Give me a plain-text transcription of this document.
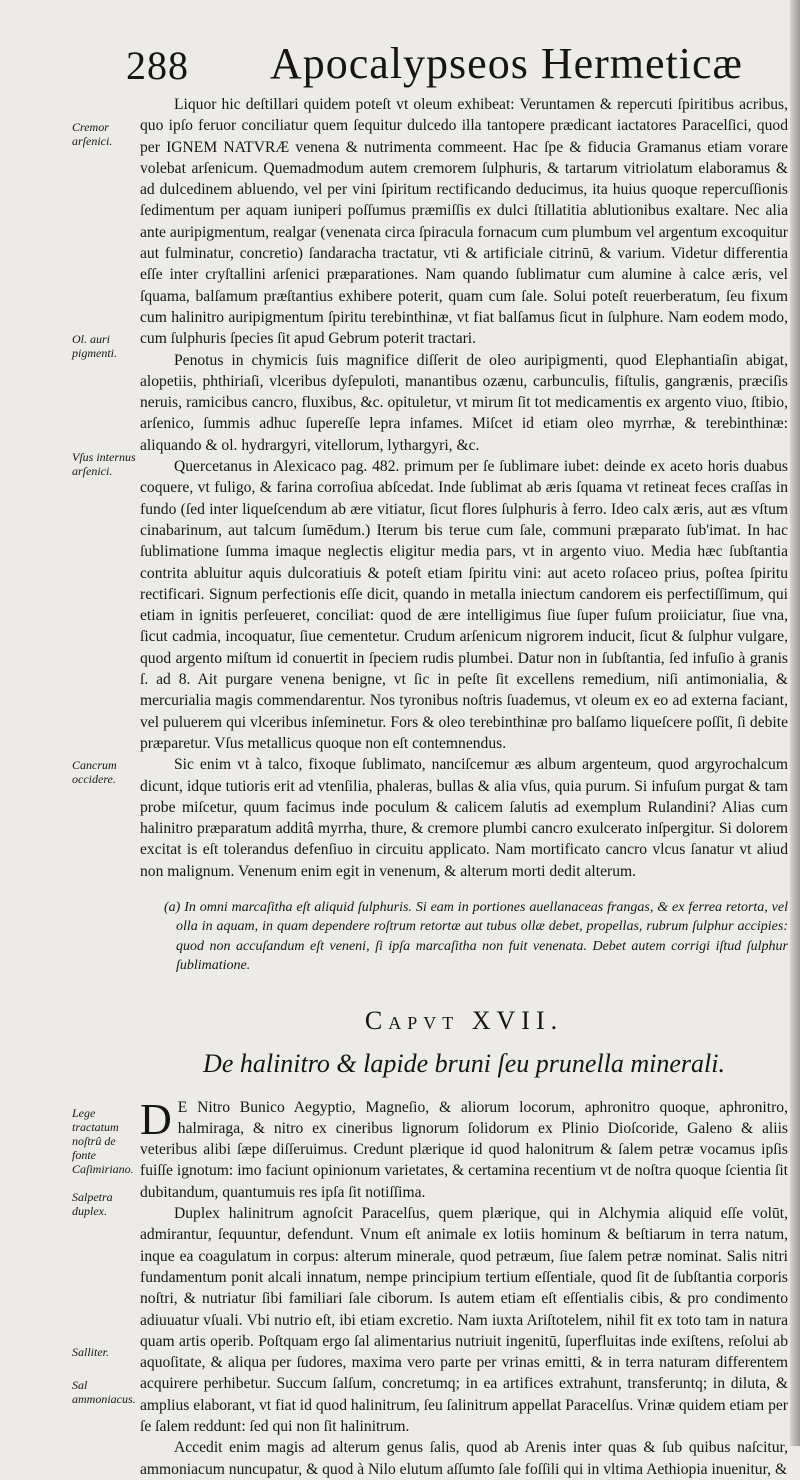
288 Apocalypseos Hermeticæ
Cremor arſenici.
Ol. auri pigmenti.
Vſus internus arſenici.
Cancrum occidere.
Lege tractatum noſtrû de fonte Caſimiriano.
Salpetra duplex.
Salliter.
Sal ammoniacus.

Liquor hic deſtillari quidem poteſt vt oleum exhibeat: Veruntamen & repercuti ſpiritibus acribus, quo ipſo feruor conciliatur quem ſequitur dulcedo illa tantopere prædicant iactatores Paracelſici, quod per IGNEM NATVRÆ venena & nutrimenta commeent. Hac ſpe & fiducia Gramanus etiam vorare volebat arſenicum. Quemadmodum autem cremorem ſulphuris, & tartarum vitriolatum elaboramus & ad dulcedinem abluendo, vel per vini ſpiritum rectificando deducimus, ita huius quoque repercuſſionis ſedimentum per aquam iuniperi poſſumus præmiſſis ex dulci ſtillatitia ablutionibus exaltare. Nec alia ante auripigmentum, realgar (venenata circa ſpiracula fornacum cum plumbum vel argentum excoquitur aut fulminatur, concretio) ſandaracha tractatur, vti & artificiale citrinū, & varium. Videtur differentia eſſe inter cryſtallini arſenici præparationes. Nam quando ſublimatur cum alumine à calce æris, vel ſquama, balſamum præſtantius exhibere poterit, quam cum ſale. Solui poteſt reuerberatum, ſeu fixum cum halinitro auripigmentum ſpiritu terebinthinæ, vt fiat balſamus ſicut in ſulphure. Nam eodem modo, cum ſulphuris ſpecies ſit apud Gebrum poterit tractari.

Penotus in chymicis ſuis magnifice diſſerit de oleo auripigmenti, quod Elephantiaſin abigat, alopetiis, phthiriaſi, vlceribus dyſepuloti, manantibus ozænu, carbunculis, fiſtulis, gangrænis, præciſis neruis, ramicibus cancro, fluxibus, &c. opituletur, vt mirum ſit tot medicamentis ex argento viuo, ſtibio, arſenico, ſummis adhuc ſupereſſe lepra infames. Miſcet id etiam oleo myrrhæ, & terebinthinæ: aliquando & ol. hydrargyri, vitellorum, lythargyri, &c.

Quercetanus in Alexicaco pag. 482. primum per ſe ſublimare iubet: deinde ex aceto horis duabus coquere, vt fuligo, & farina corroſiua abſcedat. Inde ſublimat ab æris ſquama vt retineat feces craſſas in fundo (ſed inter liqueſcendum ab ære vitiatur, ſicut flores ſulphuris à ferro. Ideo calx æris, aut æs vſtum cinabarinum, aut talcum ſumēdum.) Iterum bis terue cum ſale, communi præparato ſub'imat. In hac ſublimatione ſumma imaque neglectis eligitur media pars, vt in argento viuo. Media hæc ſubſtantia contrita abluitur aquis dulcoratiuis & poteſt etiam ſpiritu vini: aut aceto roſaceo prius, poſtea ſpiritu rectificari. Signum perfectionis eſſe dicit, quando in metalla iniectum candorem eis perfectiſſimum, qui etiam in ignitis perſeueret, conciliat: quod de ære intelligimus ſiue ſuper fuſum proiiciatur, ſiue vna, ſicut cadmia, incoquatur, ſiue cementetur. Crudum arſenicum nigrorem inducit, ſicut & ſulphur vulgare, quod argento miſtum id conuertit in ſpeciem rudis plumbei. Datur non in ſubſtantia, ſed infuſio à granis ſ. ad 8. Ait purgare venena benigne, vt ſic in peſte ſit excellens remedium, niſi antimonialia, & mercurialia magis commendarentur. Nos tyronibus noſtris ſuademus, vt oleum ex eo ad externa faciant, vel puluerem qui vlceribus inſeminetur. Fors & oleo terebinthinæ pro balſamo liqueſcere poſſit, ſi debite præparetur. Vſus metallicus quoque non eſt contemnendus.

Sic enim vt à talco, fixoque ſublimato, nanciſcemur æs album argenteum, quod argyrochalcum dicunt, idque tutioris erit ad vtenſilia, phaleras, bullas & alia vſus, quia purum. Si infuſum purgat & tam probe miſcetur, quum facimus inde poculum & calicem ſalutis ad exemplum Rulandini? Alias cum halinitro præparatum additâ myrrha, thure, & cremore plumbi cancro exulcerato inſpergitur. Si dolorem excitat is eſt tolerandus defenſiuo in circuitu applicato. Nam mortificato cancro vlcus ſanatur vt aliud non malignum. Venenum enim egit in venenum, & alterum morti dedit alterum.

(a) In omni marcaſitha eſt aliquid ſulphuris. Si eam in portiones auellanaceas frangas, & ex ferrea retorta, vel olla in aquam, in quam dependere roſtrum retortæ aut tubus ollæ debet, propellas, rubrum ſulphur accipies: quod non accuſandum eſt veneni, ſi ipſa marcaſitha non fuit venenata. Debet autem corrigi iſtud ſulphur ſublimatione.
Capvt XVII.
De halinitro & lapide bruni ſeu prunella minerali.

D E Nitro Bunico Aegyptio, Magneſio, & aliorum locorum, aphronitro quoque, aphronitro, halmiraga, & nitro ex cineribus lignorum ſolidorum ex Plinio Dioſcoride, Galeno & aliis veteribus alibi ſæpe diſſeruimus. Credunt plærique id quod halonitrum & ſalem petræ vocamus ipſis fuiſſe ignotum: imo faciunt opinionum varietates, & certamina recentium vt de noſtra quoque ſcientia ſit dubitandum, quantumuis res ipſa ſit notiſſima.

Duplex halinitrum agnoſcit Paracelſus, quem plærique, qui in Alchymia aliquid eſſe volūt, admirantur, ſequuntur, defendunt. Vnum eſt animale ex lotiis hominum & beſtiarum in terra natum, inque ea coagulatum in corpus: alterum minerale, quod petræum, ſiue ſalem petræ nominat. Salis nitri fundamentum ponit alcali innatum, nempe principium tertium eſſentiale, quod ſit de ſubſtantia corporis noſtri, & nutriatur ſibi familiari ſale ciborum. Is autem etiam eſt eſſentialis cibis, & pro condimento adiuuatur vſuali. Vbi nutrio eſt, ibi etiam excretio. Nam iuxta Ariſtotelem, nihil fit ex toto tam in natura quam artis operib. Poſtquam ergo ſal alimentarius nutriuit ingenitū, ſuperfluitas inde exiſtens, reſolui ab aquoſitate, & aliqua per ſudores, maxima vero parte per vrinas emitti, & in terra naturam differentem acquirere perhibetur. Succum ſalſum, concretumq; in ea artifices extrahunt, transferuntq; in diluta, & amplius elaborant, vt fiat id quod halinitrum, ſeu ſalinitrum appellat Paracelſus. Vrinæ quidem etiam per ſe ſalem reddunt: ſed qui non ſit halinitrum.

Accedit enim magis ad alterum genus ſalis, quod ab Arenis inter quas & ſub quibus naſcitur, ammoniacum nuncupatur, & quod à Nilo elutum aſſumto ſale foſſili qui in vltima Aethiopia inuenitur, &
